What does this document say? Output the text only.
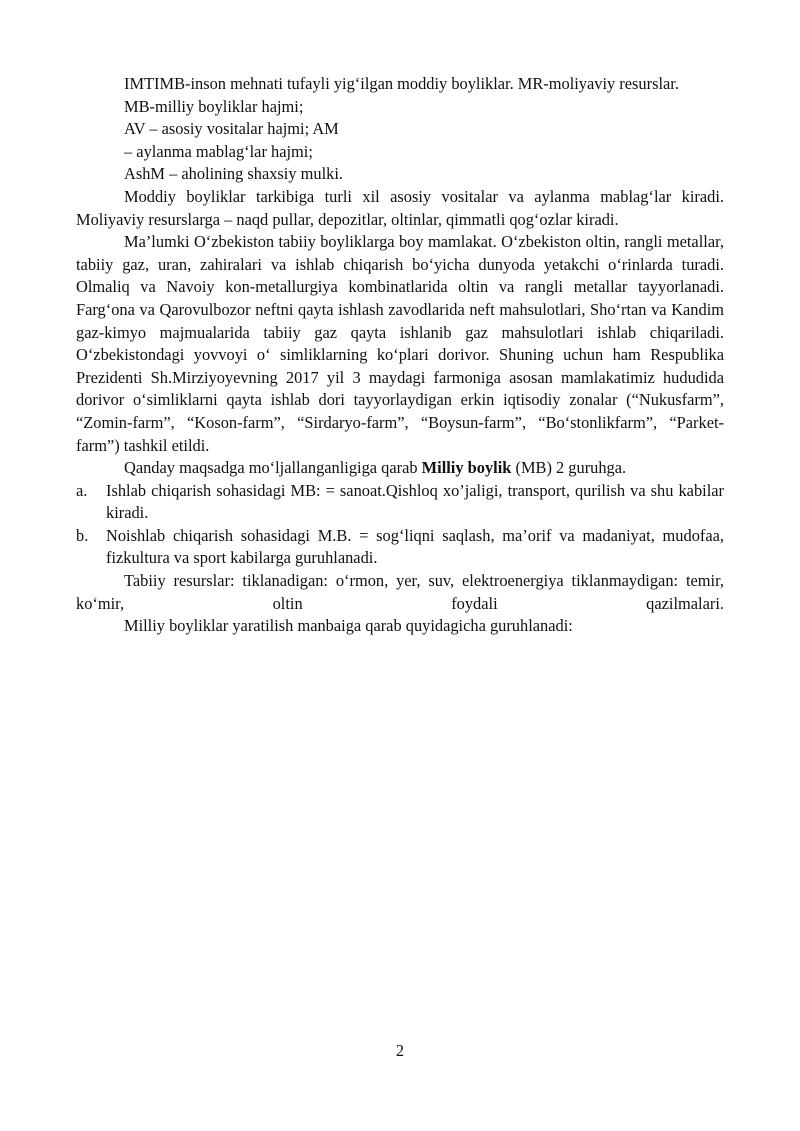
IMTIMB-inson mehnati tufayli yig‘ilgan moddiy boyliklar. MR-moliyaviy resurslar.

MB-milliy boyliklar hajmi;

AV – asosiy vositalar hajmi; AM

– aylanma mablag‘lar hajmi;

AshM – aholining shaxsiy mulki.

Moddiy boyliklar tarkibiga turli xil asosiy vositalar va aylanma mablag‘lar kiradi. Moliyaviy resurslarga – naqd pullar, depozitlar, oltinlar, qimmatli qog‘ozlar kiradi.

Ma’lumki O‘zbekiston tabiiy boyliklarga boy mamlakat. O‘zbekiston oltin, rangli metallar, tabiiy gaz, uran, zahiralari va ishlab chiqarish bo‘yicha dunyoda yetakchi o‘rinlarda turadi. Olmaliq va Navoiy kon-metallurgiya kombinatlarida oltin va rangli metallar tayyorlanadi. Farg‘ona va Qarovulbozor neftni qayta ishlash zavodlarida neft mahsulotlari, Sho‘rtan va Kandim gaz-kimyo majmualarida tabiiy gaz qayta ishlanib gaz mahsulotlari ishlab chiqariladi. O‘zbekistondagi yovvoyi o‘ simliklarning ko‘plari dorivor. Shuning uchun ham Respublika Prezidenti Sh.Mirziyoyevning 2017 yil 3 maydagi farmoniga asosan mamlakatimiz hududida dorivor o‘simliklarni qayta ishlab dori tayyorlaydigan erkin iqtisodiy zonalar (“Nukusfarm”, “Zomin-farm”, “Koson-farm”, “Sirdaryo-farm”, “Boysun-farm”, “Bo‘stonlikfarm”, “Parket-farm”) tashkil etildi.

Qanday maqsadga mo‘ljallanganligiga qarab Milliy boylik (MB) 2 guruhga.

a. Ishlab chiqarish sohasidagi MB: = sanoat.Qishloq xo’jaligi, transport, qurilish va shu kabilar kiradi.
b. Noishlab chiqarish sohasidagi M.B. = sog‘liqni saqlash, ma’orif va madaniyat, mudofaa, fizkultura va sport kabilarga guruhlanadi.

Tabiiy resurslar: tiklanadigan: o‘rmon, yer, suv, elektroenergiya tiklanmaydigan: temir, ko‘mir, oltin foydali qazilmalari.

Milliy boyliklar yaratilish manbaiga qarab quyidagicha guruhlanadi:

2
